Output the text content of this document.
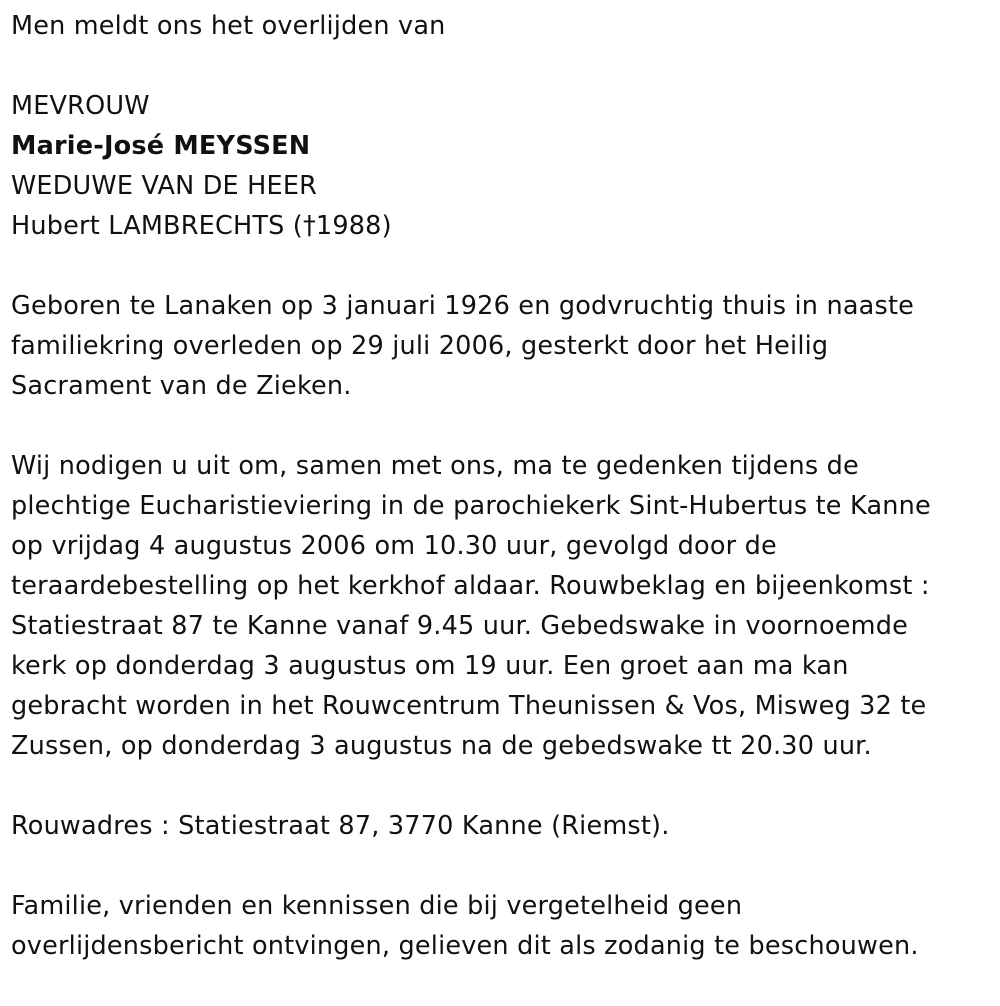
Men meldt ons het overlijden van
MEVROUW
Marie-José MEYSSEN
WEDUWE VAN DE HEER
Hubert LAMBRECHTS (†1988)
Geboren te Lanaken op 3 januari 1926 en godvruchtig thuis in naaste
familiekring overleden op 29 juli 2006, gesterkt door het Heilig
Sacrament van de Zieken.
Wij nodigen u uit om, samen met ons, ma te gedenken tijdens de
plechtige Eucharistieviering in de parochiekerk Sint-Hubertus te Kanne
op vrijdag 4 augustus 2006 om 10.30 uur, gevolgd door de
teraardebestelling op het kerkhof aldaar. Rouwbeklag en bijeenkomst :
Statiestraat 87 te Kanne vanaf 9.45 uur. Gebedswake in voornoemde
kerk op donderdag 3 augustus om 19 uur. Een groet aan ma kan
gebracht worden in het Rouwcentrum Theunissen & Vos, Misweg 32 te
Zussen, op donderdag 3 augustus na de gebedswake tt 20.30 uur.
Rouwadres : Statiestraat 87, 3770 Kanne (Riemst).
Familie, vrienden en kennissen die bij vergetelheid geen
overlijdensbericht ontvingen, gelieven dit als zodanig te beschouwen.
